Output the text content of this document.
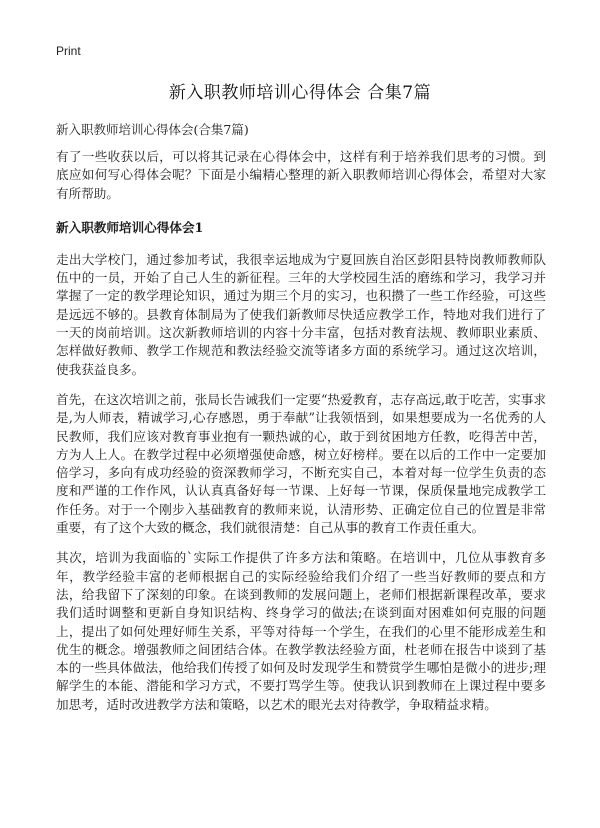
Print
新入职教师培训心得体会 合集7篇
新入职教师培训心得体会(合集7篇)

有了一些收获以后，可以将其记录在心得体会中，这样有利于培养我们思考的习惯。到底应如何写心得体会呢？下面是小编精心整理的新入职教师培训心得体会，希望对大家有所帮助。

新入职教师培训心得体会1

走出大学校门，通过参加考试，我很幸运地成为宁夏回族自治区彭阳县特岗教师教师队伍中的一员，开始了自己人生的新征程。三年的大学校园生活的磨练和学习，我学习并掌握了一定的教学理论知识，通过为期三个月的实习，也积攒了一些工作经验，可这些是远远不够的。县教育体制局为了使我们新教师尽快适应教学工作，特地对我们进行了一天的岗前培训。这次新教师培训的内容十分丰富，包括对教育法规、教师职业素质、怎样做好教师、教学工作规范和教法经验交流等诸多方面的系统学习。通过这次培训，使我获益良多。

首先，在这次培训之前，张局长告诫我们一定要“热爱教育，志存高远,敢于吃苦，实事求是,为人师表，精诚学习,心存感恩，勇于奉献”让我领悟到，如果想要成为一名优秀的人民教师，我们应该对教育事业抱有一颗热诚的心，敢于到贫困地方任教，吃得苦中苦，方为人上人。在教学过程中必须增强使命感，树立好榜样。要在以后的工作中一定要加倍学习，多向有成功经验的资深教师学习，不断充实自己，本着对每一位学生负责的态度和严谨的工作作风，认认真真备好每一节课、上好每一节课，保质保量地完成教学工作任务。对于一个刚步入基础教育的教师来说，认清形势、正确定位自己的位置是非常重要，有了这个大致的概念，我们就很清楚：自己从事的教育工作责任重大。

其次，培训为我面临的`实际工作提供了许多方法和策略。在培训中，几位从事教育多年，教学经验丰富的老师根据自己的实际经验给我们介绍了一些当好教师的要点和方法，给我留下了深刻的印象。在谈到教师的发展问题上，老师们根据新课程改革，要求我们适时调整和更新自身知识结构、终身学习的做法;在谈到面对困难如何克服的问题上，提出了如何处理好师生关系，平等对待每一个学生，在我们的心里不能形成差生和优生的概念。增强教师之间团结合体。在教学教法经验方面，杜老师在报告中谈到了基本的一些具体做法，他给我们传授了如何及时发现学生和赞赏学生哪怕是微小的进步;理解学生的本能、潜能和学习方式，不要打骂学生等。使我认识到教师在上课过程中要多加思考，适时改进教学方法和策略，以艺术的眼光去对待教学，争取精益求精。
